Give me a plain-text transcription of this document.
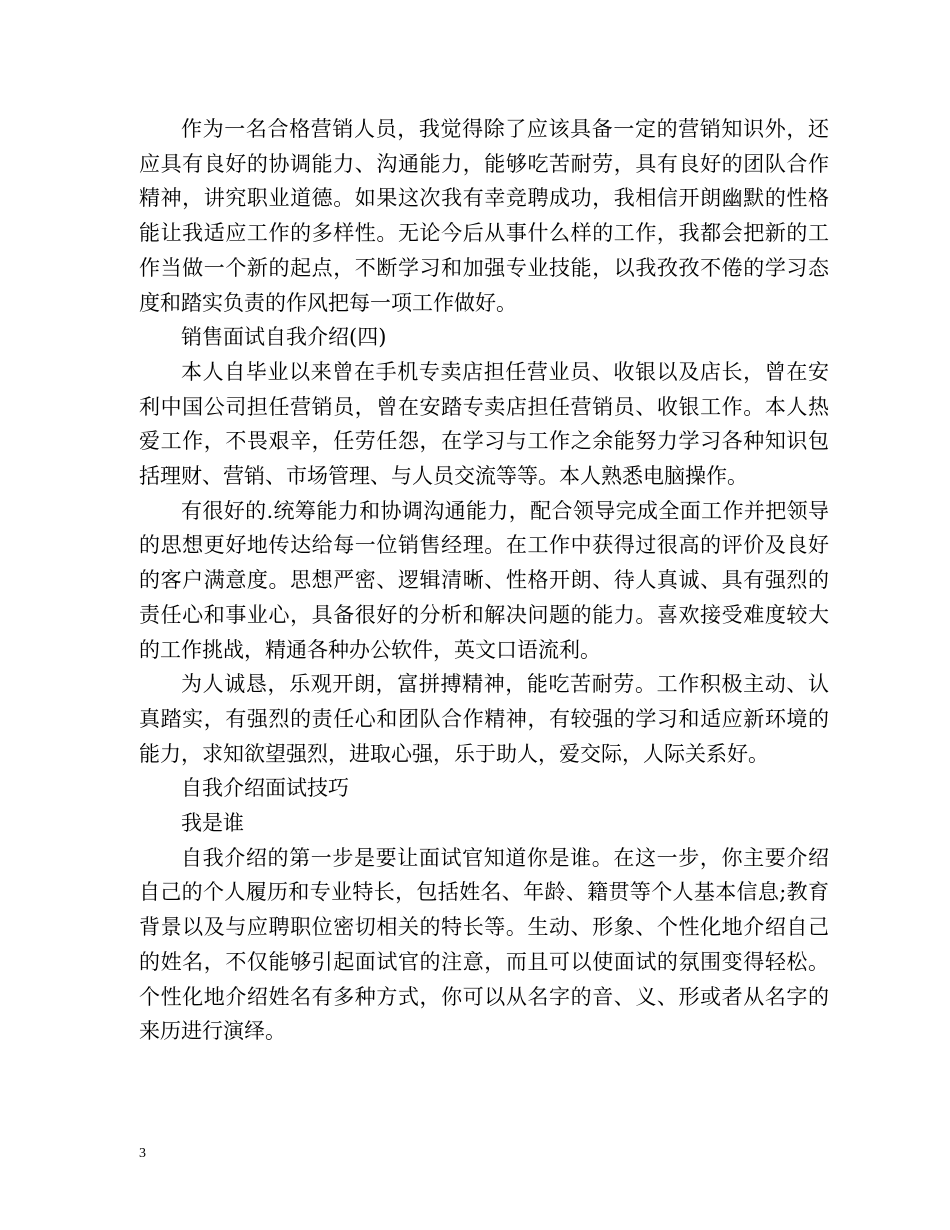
作为一名合格营销人员，我觉得除了应该具备一定的营销知识外，还应具有良好的协调能力、沟通能力，能够吃苦耐劳，具有良好的团队合作精神，讲究职业道德。如果这次我有幸竞聘成功，我相信开朗幽默的性格能让我适应工作的多样性。无论今后从事什么样的工作，我都会把新的工作当做一个新的起点，不断学习和加强专业技能，以我孜孜不倦的学习态度和踏实负责的作风把每一项工作做好。

销售面试自我介绍(四)

本人自毕业以来曾在手机专卖店担任营业员、收银以及店长，曾在安利中国公司担任营销员，曾在安踏专卖店担任营销员、收银工作。本人热爱工作，不畏艰辛，任劳任怨，在学习与工作之余能努力学习各种知识包括理财、营销、市场管理、与人员交流等等。本人熟悉电脑操作。

有很好的.统筹能力和协调沟通能力，配合领导完成全面工作并把领导的思想更好地传达给每一位销售经理。在工作中获得过很高的评价及良好的客户满意度。思想严密、逻辑清晰、性格开朗、待人真诚、具有强烈的责任心和事业心，具备很好的分析和解决问题的能力。喜欢接受难度较大的工作挑战，精通各种办公软件，英文口语流利。

为人诚恳，乐观开朗，富拼搏精神，能吃苦耐劳。工作积极主动、认真踏实，有强烈的责任心和团队合作精神，有较强的学习和适应新环境的能力，求知欲望强烈，进取心强，乐于助人，爱交际，人际关系好。

自我介绍面试技巧

我是谁

自我介绍的第一步是要让面试官知道你是谁。在这一步，你主要介绍自己的个人履历和专业特长，包括姓名、年龄、籍贯等个人基本信息;教育背景以及与应聘职位密切相关的特长等。生动、形象、个性化地介绍自己的姓名，不仅能够引起面试官的注意，而且可以使面试的氛围变得轻松。个性化地介绍姓名有多种方式，你可以从名字的音、义、形或者从名字的来历进行演绎。

3
